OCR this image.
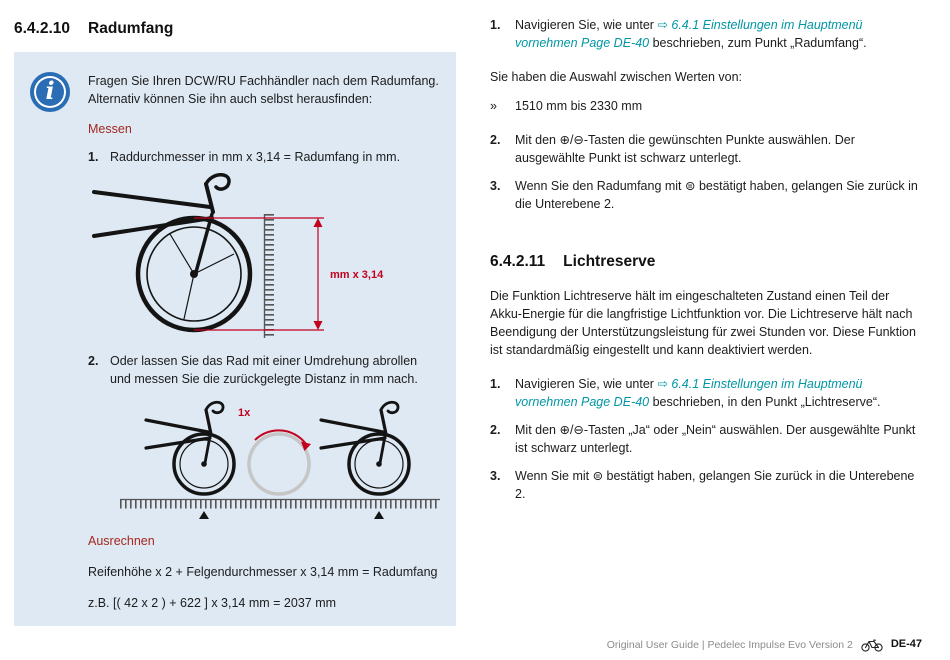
6.4.2.10 Radumfang
i	Fragen Sie Ihren DCW/RU Fachhändler nach dem Radumfang. Alternativ können Sie ihn auch selbst herausfinden:

Messen

1. Raddurchmesser in mm x 3,14 = Radumfang in mm.
mm x 3,14
2. Oder lassen Sie das Rad mit einer Umdrehung abrollen und messen Sie die zurückgelegte Distanz in mm nach.
1x

Ausrechnen

Reifenhöhe x 2 + Felgendurchmesser x 3,14 mm = Radumfang

z.B. [( 42 x 2 ) + 622 ] x 3,14 mm = 2037 mm

1.	Navigieren Sie, wie unter ⇨ 6.4.1 Einstellungen im Hauptmenü vornehmen Page DE-40 beschrieben, zum Punkt „Radumfang“.

Sie haben die Auswahl zwischen Werten von:

»	1510 mm bis 2330 mm
2.	Mit den ⊕/⊖-Tasten die gewünschten Punkte auswählen. Der ausgewählte Punkt ist schwarz unterlegt.
3.	Wenn Sie den Radumfang mit ⊜ bestätigt haben, gelangen Sie zurück in die Unterebene 2.
6.4.2.11 Lichtreserve

Die Funktion Lichtreserve hält im eingeschalteten Zustand einen Teil der Akku-Energie für die langfristige Lichtfunktion vor. Die Lichtreserve hält nach Beendigung der Unterstützungsleistung für zwei Stunden vor. Diese Funktion ist standardmäßig eingestellt und kann deaktiviert werden.

1.	Navigieren Sie, wie unter ⇨ 6.4.1 Einstellungen im Hauptmenü vornehmen Page DE-40 beschrieben, in den Punkt „Lichtreserve“.
2.	Mit den ⊕/⊖-Tasten „Ja“ oder „Nein“ auswählen. Der ausgewählte Punkt ist schwarz unterlegt.
3.	Wenn Sie mit ⊜ bestätigt haben, gelangen Sie zurück in die Unterebene 2.
Original User Guide | Pedelec Impulse Evo Version 2	DE-47
